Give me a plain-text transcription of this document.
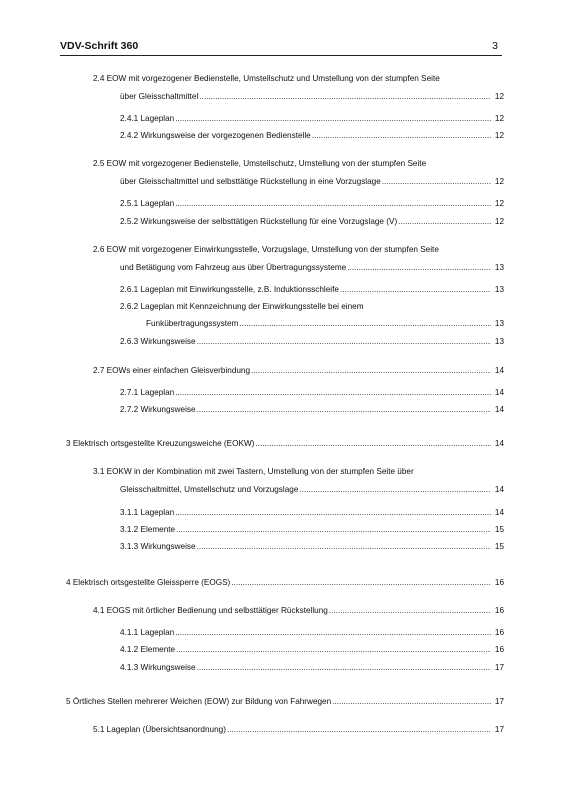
VDV-Schrift 360	3
2.4 EOW mit vorgezogener Bedienstelle, Umstellschutz und Umstellung von der stumpfen Seite
über Gleisschaltmittel .....	12
2.4.1 Lageplan .....	12
2.4.2 Wirkungsweise der vorgezogenen Bedienstelle .....	12
2.5 EOW mit vorgezogener Bedienstelle, Umstellschutz, Umstellung von der stumpfen Seite
über Gleisschaltmittel und selbsttätige Rückstellung in eine Vorzugslage .....	12
2.5.1 Lageplan .....	12
2.5.2 Wirkungsweise der selbsttätigen Rückstellung für eine Vorzugslage (V) .....	12
2.6 EOW mit vorgezogener Einwirkungsstelle, Vorzugslage, Umstellung von der stumpfen Seite
und Betätigung vom Fahrzeug aus über Übertragungssysteme .....	13
2.6.1 Lageplan mit Einwirkungsstelle, z.B. Induktionsschleife .....	13
2.6.2 Lageplan mit Kennzeichnung der Einwirkungsstelle bei einem
Funkübertragungssystem .....	13
2.6.3 Wirkungsweise .....	13
2.7 EOWs einer einfachen Gleisverbindung .....	14
2.7.1 Lageplan .....	14
2.7.2 Wirkungsweise .....	14
3 Elektrisch ortsgestellte Kreuzungsweiche (EOKW) .....	14
3.1 EOKW in der Kombination mit zwei Tastern, Umstellung von der stumpfen Seite über
Gleisschaltmittel, Umstellschutz und Vorzugslage .....	14
3.1.1 Lageplan .....	14
3.1.2 Elemente .....	15
3.1.3 Wirkungsweise .....	15
4 Elektrisch ortsgestellte Gleissperre (EOGS) .....	16
4.1 EOGS mit örtlicher Bedienung und selbsttätiger Rückstellung .....	16
4.1.1 Lageplan .....	16
4.1.2 Elemente .....	16
4.1.3 Wirkungsweise .....	17
5 Örtliches Stellen mehrerer Weichen (EOW) zur Bildung von Fahrwegen .....	17
5.1 Lageplan (Übersichtsanordnung) .....	17
